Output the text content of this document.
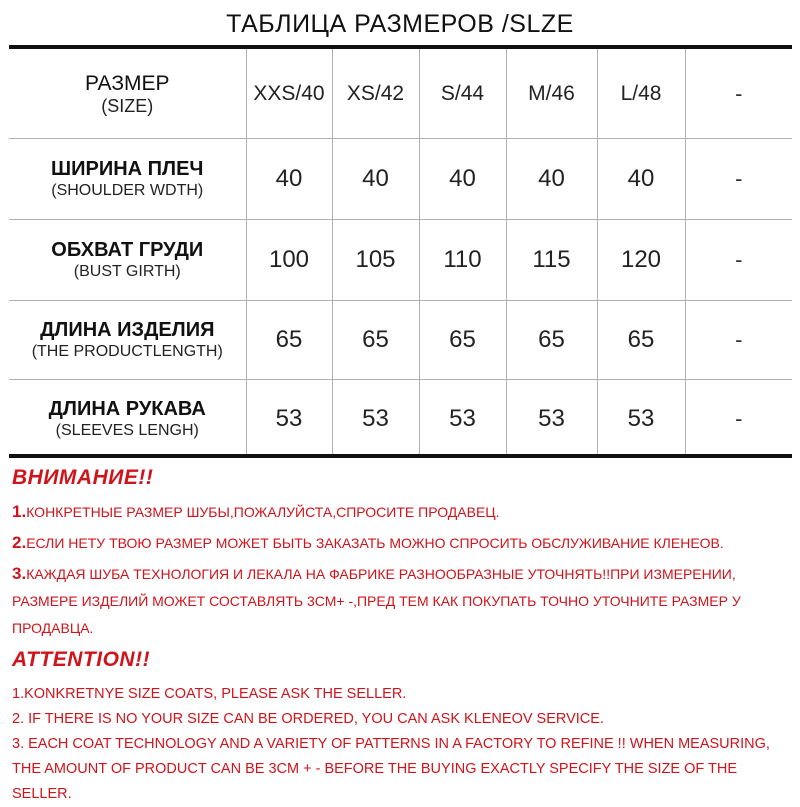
ТАБЛИЦА РАЗМЕРОВ /SLZE
РАЗМЕР
(SIZE)	XXS/40	XS/42	S/44	M/46	L/48	-

ШИРИНА ПЛЕЧ
(SHOULDER WDTH)	40	40	40	40	40	-

ОБХВАТ ГРУДИ
(BUST GIRTH)	100	105	110	115	120	-

ДЛИНА ИЗДЕЛИЯ
(THE PRODUCTLENGTH)	65	65	65	65	65	-

ДЛИНА РУКАВА
(SLEEVES LENGH)	53	53	53	53	53	-

ВНИМАНИЕ!!

1.КОНКРЕТНЫЕ РАЗМЕР ШУБЫ,ПОЖАЛУЙСТА,СПРОСИТЕ ПРОДАВЕЦ.

2.ЕСЛИ НЕТУ ТВОЮ РАЗМЕР МОЖЕТ БЫТЬ ЗАКАЗАТЬ МОЖНО СПРОСИТЬ ОБСЛУЖИВАНИЕ КЛЕНЕОВ.

3.КАЖДАЯ ШУБА ТЕХНОЛОГИЯ И ЛЕКАЛА НА ФАБРИКЕ РАЗНООБРАЗНЫЕ УТОЧНЯТЬ!!ПРИ ИЗМЕРЕНИИ, РАЗМЕРЕ ИЗДЕЛИЙ МОЖЕТ СОСТАВЛЯТЬ 3СМ+ -,ПРЕД ТЕМ КАК ПОКУПАТЬ ТОЧНО УТОЧНИТЕ РАЗМЕР У ПРОДАВЦА.

ATTENTION!!

1.KONKRETNYE SIZE COATS, PLEASE ASK THE SELLER.

2. IF THERE IS NO YOUR SIZE CAN BE ORDERED, YOU CAN ASK KLENEOV SERVICE.

3. EACH COAT TECHNOLOGY AND A VARIETY OF PATTERNS IN A FACTORY TO REFINE !! WHEN MEASURING, THE AMOUNT OF PRODUCT CAN BE 3CM + - BEFORE THE BUYING EXACTLY SPECIFY THE SIZE OF THE SELLER.
